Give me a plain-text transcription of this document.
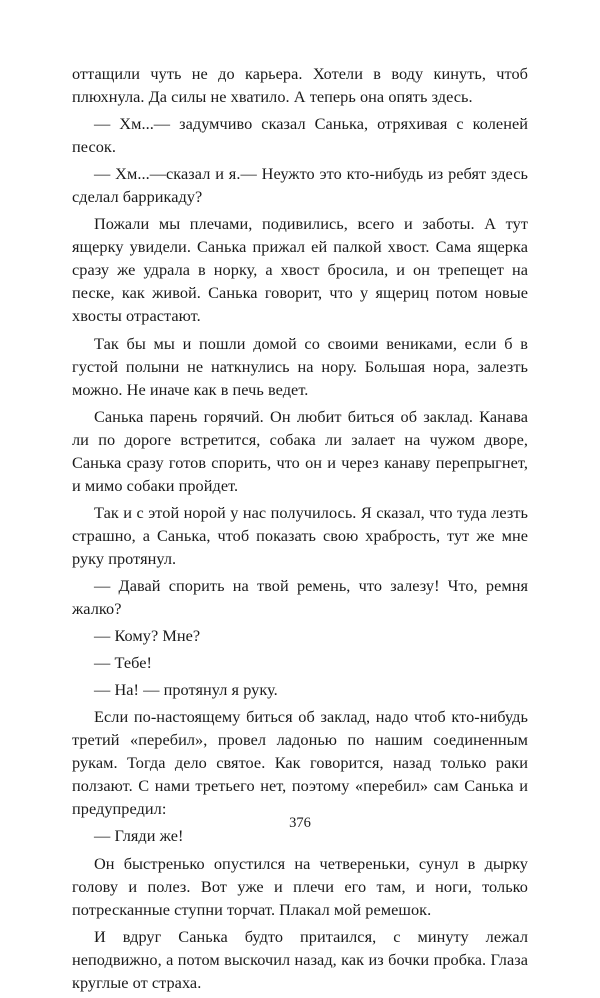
оттащили чуть не до карьера. Хотели в воду кинуть, чтоб плюхнула. Да силы не хватило. А теперь она опять здесь.

— Хм...— задумчиво сказал Санька, отряхивая с коленей песок.

— Хм...—сказал и я.— Неужто это кто-нибудь из ребят здесь сделал баррикаду?

Пожали мы плечами, подивились, всего и заботы. А тут ящерку увидели. Санька прижал ей палкой хвост. Сама ящерка сразу же удрала в норку, а хвост бросила, и он трепещет на песке, как живой. Санька говорит, что у ящериц потом новые хвосты отрастают.

Так бы мы и пошли домой со своими вениками, если б в густой полыни не наткнулись на нору. Большая нора, залезть можно. Не иначе как в печь ведет.

Санька парень горячий. Он любит биться об заклад. Канава ли по дороге встретится, собака ли залает на чужом дворе, Санька сразу готов спорить, что он и через канаву перепрыгнет, и мимо собаки пройдет.

Так и с этой норой у нас получилось. Я сказал, что туда лезть страшно, а Санька, чтоб показать свою храбрость, тут же мне руку протянул.

— Давай спорить на твой ремень, что залезу! Что, ремня жалко?

— Кому? Мне?

— Тебе!

— На! — протянул я руку.

Если по-настоящему биться об заклад, надо чтоб кто-нибудь третий «перебил», провел ладонью по нашим соединенным рукам. Тогда дело святое. Как говорится, назад только раки ползают. С нами третьего нет, поэтому «перебил» сам Санька и предупредил:

— Гляди же!

Он быстренько опустился на четвереньки, сунул в дырку голову и полез. Вот уже и плечи его там, и ноги, только потресканные ступни торчат. Плакал мой ремешок.

И вдруг Санька будто притаился, с минуту лежал неподвижно, а потом выскочил назад, как из бочки пробка. Глаза круглые от страха.

376
